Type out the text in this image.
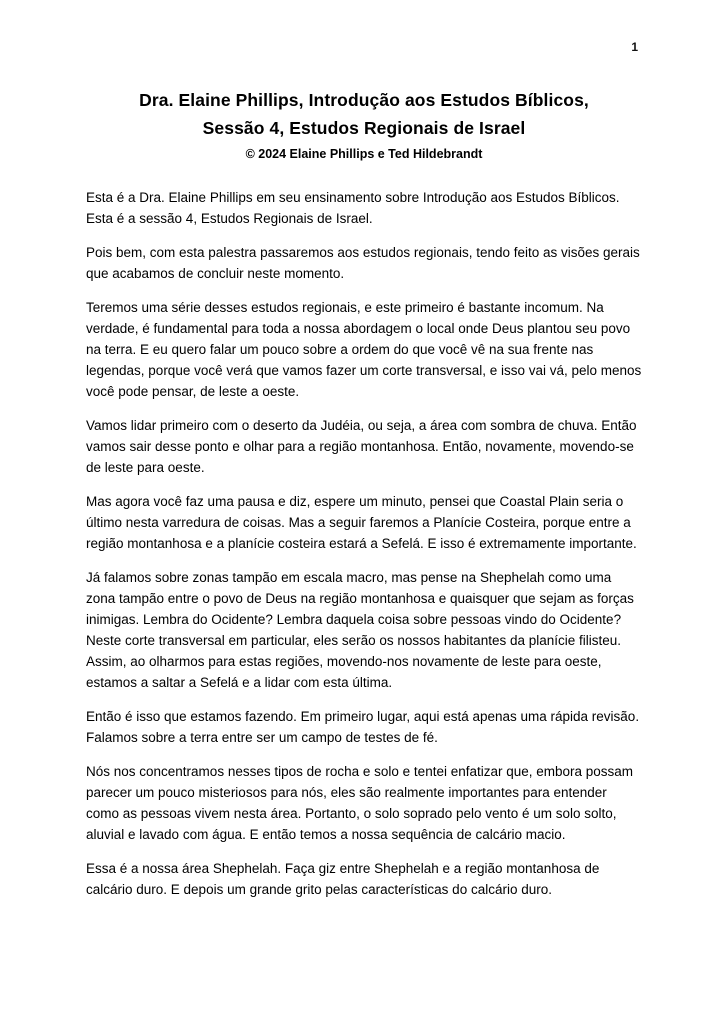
1
Dra. Elaine Phillips, Introdução aos Estudos Bíblicos,
Sessão 4, Estudos Regionais de Israel
© 2024 Elaine Phillips e Ted Hildebrandt

Esta é a Dra. Elaine Phillips em seu ensinamento sobre Introdução aos Estudos Bíblicos. Esta é a sessão 4, Estudos Regionais de Israel.

Pois bem, com esta palestra passaremos aos estudos regionais, tendo feito as visões gerais que acabamos de concluir neste momento.

Teremos uma série desses estudos regionais, e este primeiro é bastante incomum. Na verdade, é fundamental para toda a nossa abordagem o local onde Deus plantou seu povo na terra. E eu quero falar um pouco sobre a ordem do que você vê na sua frente nas legendas, porque você verá que vamos fazer um corte transversal, e isso vai vá, pelo menos você pode pensar, de leste a oeste.

Vamos lidar primeiro com o deserto da Judéia, ou seja, a área com sombra de chuva. Então vamos sair desse ponto e olhar para a região montanhosa. Então, novamente, movendo-se de leste para oeste.

Mas agora você faz uma pausa e diz, espere um minuto, pensei que Coastal Plain seria o último nesta varredura de coisas. Mas a seguir faremos a Planície Costeira, porque entre a região montanhosa e a planície costeira estará a Sefelá. E isso é extremamente importante.

Já falamos sobre zonas tampão em escala macro, mas pense na Shephelah como uma zona tampão entre o povo de Deus na região montanhosa e quaisquer que sejam as forças inimigas. Lembra do Ocidente? Lembra daquela coisa sobre pessoas vindo do Ocidente? Neste corte transversal em particular, eles serão os nossos habitantes da planície filisteu. Assim, ao olharmos para estas regiões, movendo-nos novamente de leste para oeste, estamos a saltar a Sefelá e a lidar com esta última.

Então é isso que estamos fazendo. Em primeiro lugar, aqui está apenas uma rápida revisão. Falamos sobre a terra entre ser um campo de testes de fé.

Nós nos concentramos nesses tipos de rocha e solo e tentei enfatizar que, embora possam parecer um pouco misteriosos para nós, eles são realmente importantes para entender como as pessoas vivem nesta área. Portanto, o solo soprado pelo vento é um solo solto, aluvial e lavado com água. E então temos a nossa sequência de calcário macio.

Essa é a nossa área Shephelah. Faça giz entre Shephelah e a região montanhosa de calcário duro. E depois um grande grito pelas características do calcário duro.
